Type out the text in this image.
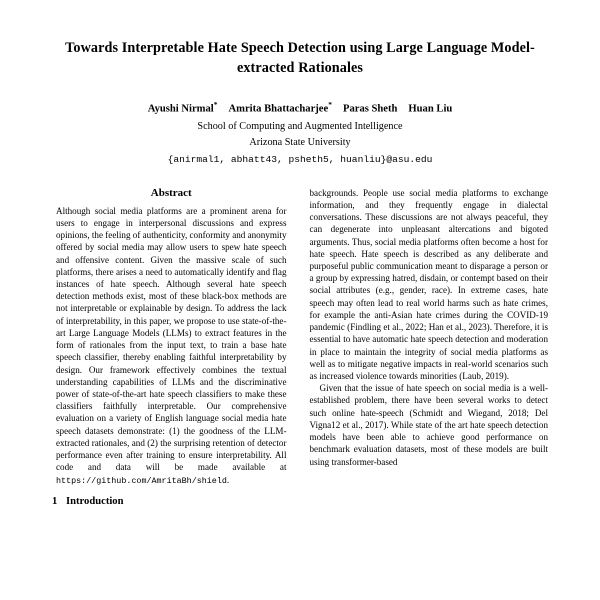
Towards Interpretable Hate Speech Detection using Large Language Model-extracted Rationales
Ayushi Nirmal* Amrita Bhattacharjee* Paras Sheth Huan Liu
School of Computing and Augmented Intelligence
Arizona State University
{anirmal1, abhatt43, psheth5, huanliu}@asu.edu
Abstract

Although social media platforms are a prominent arena for users to engage in interpersonal discussions and express opinions, the feeling of authenticity, conformity and anonymity offered by social media may allow users to spew hate speech and offensive content. Given the massive scale of such platforms, there arises a need to automatically identify and flag instances of hate speech. Although several hate speech detection methods exist, most of these black-box methods are not interpretable or explainable by design. To address the lack of interpretability, in this paper, we propose to use state-of-the-art Large Language Models (LLMs) to extract features in the form of rationales from the input text, to train a base hate speech classifier, thereby enabling faithful interpretability by design. Our framework effectively combines the textual understanding capabilities of LLMs and the discriminative power of state-of-the-art hate speech classifiers to make these classifiers faithfully interpretable. Our comprehensive evaluation on a variety of English language social media hate speech datasets demonstrate: (1) the goodness of the LLM-extracted rationales, and (2) the surprising retention of detector performance even after training to ensure interpretability. All code and data will be made available at https://github.com/AmritaBh/shield.

1 Introduction

backgrounds. People use social media platforms to exchange information, and they frequently engage in dialectal conversations. These discussions are not always peaceful, they can degenerate into unpleasant altercations and bigoted arguments. Thus, social media platforms often become a host for hate speech. Hate speech is described as any deliberate and purposeful public communication meant to disparage a person or a group by expressing hatred, disdain, or contempt based on their social attributes (e.g., gender, race). In extreme cases, hate speech may often lead to real world harms such as hate crimes, for example the anti-Asian hate crimes during the COVID-19 pandemic (Findling et al., 2022; Han et al., 2023). Therefore, it is essential to have automatic hate speech detection and moderation in place to maintain the integrity of social media platforms as well as to mitigate negative impacts in real-world scenarios such as increased violence towards minorities (Laub, 2019).

Given that the issue of hate speech on social media is a well-established problem, there have been several works to detect such online hate-speech (Schmidt and Wiegand, 2018; Del Vigna12 et al., 2017). While state of the art hate speech detection models have been able to achieve good performance on benchmark evaluation datasets, most of these models are built using transformer-based
